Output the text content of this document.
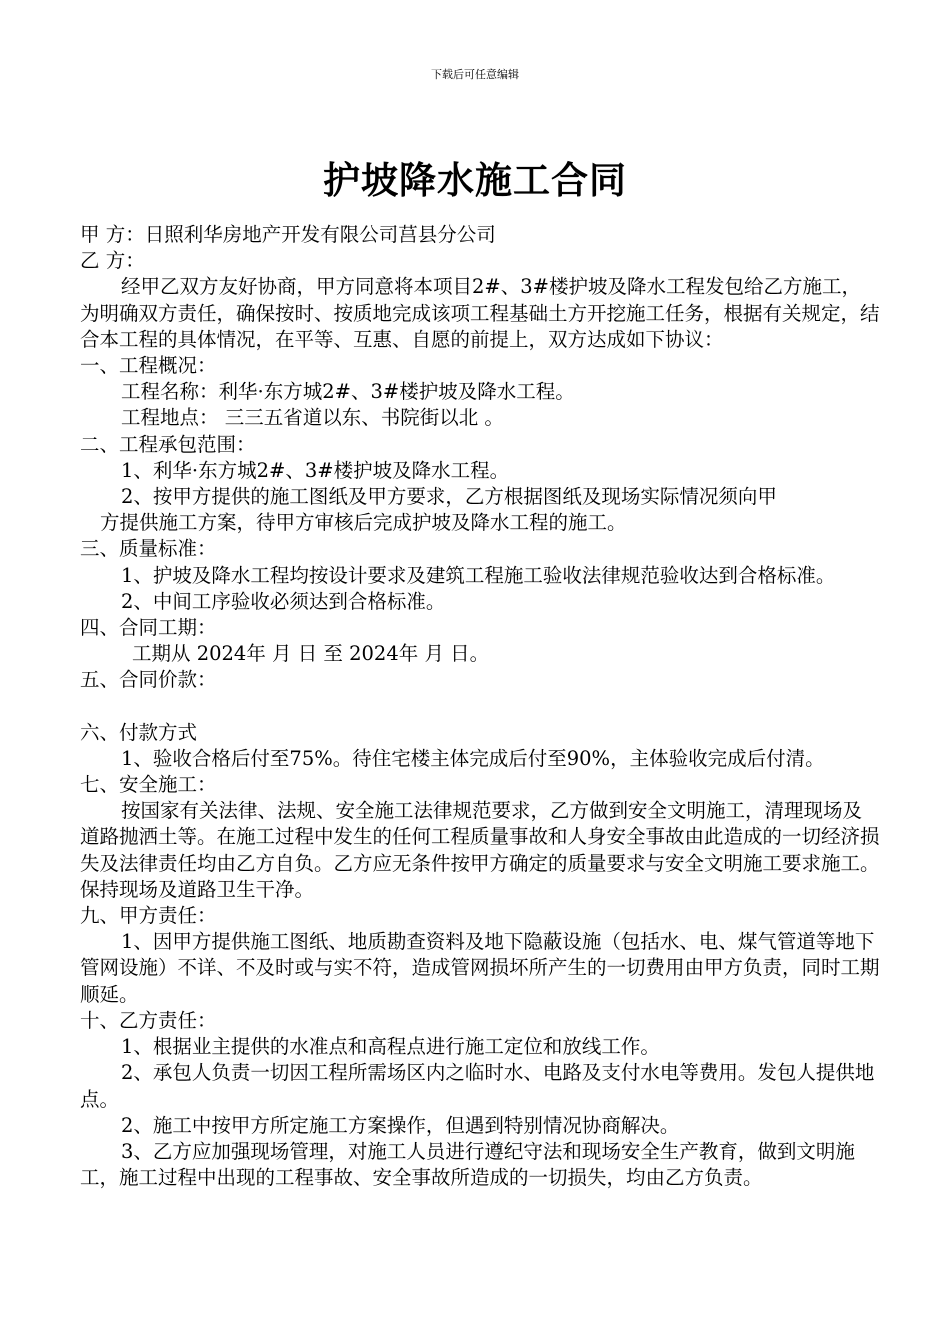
下载后可任意编辑
护坡降水施工合同

甲 方：日照利华房地产开发有限公司莒县分公司

乙 方：

经甲乙双方友好协商，甲方同意将本项目2#、3#楼护坡及降水工程发包给乙方施工，为明确双方责任，确保按时、按质地完成该项工程基础土方开挖施工任务，根据有关规定，结合本工程的具体情况，在平等、互惠、自愿的前提上，双方达成如下协议：

一、工程概况：

工程名称：利华·东方城2#、3#楼护坡及降水工程。

工程地点： 三三五省道以东、书院街以北 。

二、工程承包范围：

1、利华·东方城2#、3#楼护坡及降水工程。

2、按甲方提供的施工图纸及甲方要求，乙方根据图纸及现场实际情况须向甲

方提供施工方案，待甲方审核后完成护坡及降水工程的施工。

三、质量标准：

1、护坡及降水工程均按设计要求及建筑工程施工验收法律规范验收达到合格标准。

2、中间工序验收必须达到合格标准。

四、合同工期：

工期从 2024年 月 日 至 2024年 月 日。

五、合同价款：

六、付款方式

1、验收合格后付至75%。待住宅楼主体完成后付至90%，主体验收完成后付清。

七、安全施工：

按国家有关法律、法规、安全施工法律规范要求，乙方做到安全文明施工，清理现场及道路抛洒土等。在施工过程中发生的任何工程质量事故和人身安全事故由此造成的一切经济损失及法律责任均由乙方自负。乙方应无条件按甲方确定的质量要求与安全文明施工要求施工。保持现场及道路卫生干净。

九、甲方责任：

1、因甲方提供施工图纸、地质勘查资料及地下隐蔽设施（包括水、电、煤气管道等地下管网设施）不详、不及时或与实不符，造成管网损坏所产生的一切费用由甲方负责，同时工期顺延。

十、乙方责任：

1、根据业主提供的水准点和高程点进行施工定位和放线工作。

2、承包人负责一切因工程所需场区内之临时水、电路及支付水电等费用。发包人提供地点。

2、施工中按甲方所定施工方案操作，但遇到特别情况协商解决。

3、乙方应加强现场管理，对施工人员进行遵纪守法和现场安全生产教育，做到文明施工，施工过程中出现的工程事故、安全事故所造成的一切损失，均由乙方负责。
